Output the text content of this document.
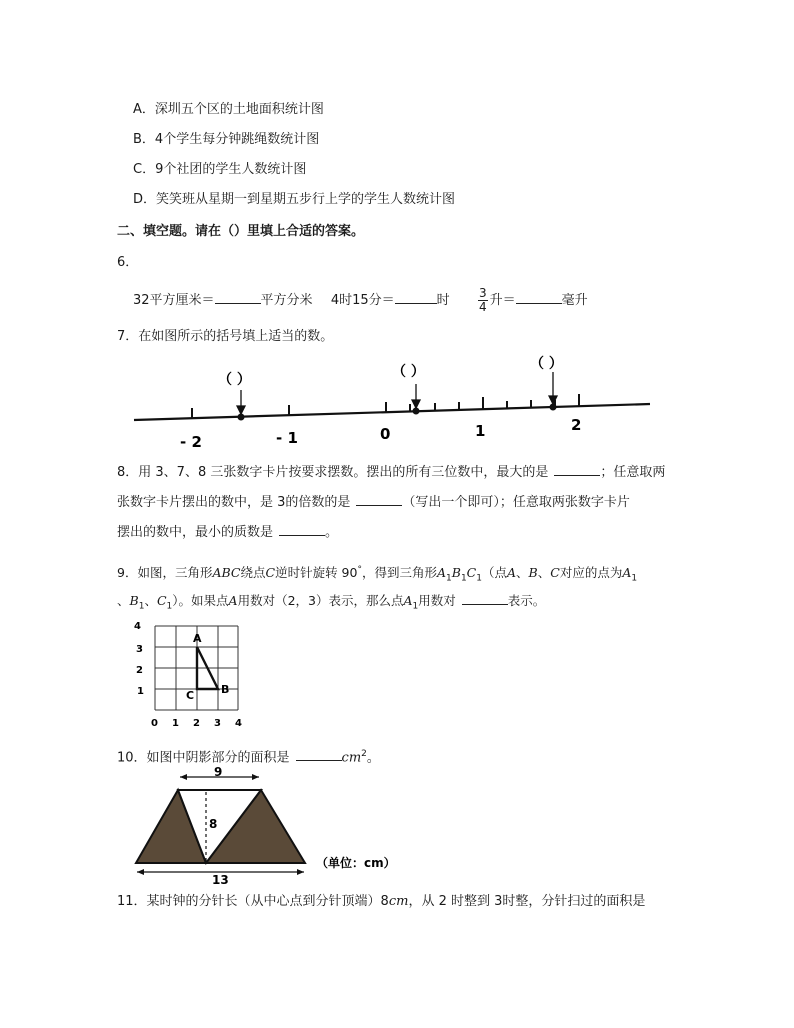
A．深圳五个区的土地面积统计图
B．4个学生每分钟跳绳数统计图
C．9个社团的学生人数统计图
D．笑笑班从星期一到星期五步行上学的学生人数统计图
二、填空题。请在（）里填上合适的答案。
6．
32平方厘米＝	平方分米 4时15分＝	时 $\frac{3}{4}$ 升＝	毫升
7．在如图所示的括号填上适当的数。
（ ）	（ ）	（ ）
- 2	- 1	0	1	2
8．用 3、7、8 三张数字卡片按要求摆数。摆出的所有三位数中，最大的是	；任意取两
张数字卡片摆出的数中，是 3的倍数的是	（写出一个即可）；任意取两张数字卡片
摆出的数中，最小的质数是	。
9．如图，三角形ABC绕点C逆时针旋转 90°，得到三角形$A_1B_1C_1$（点A、B、C对应的点为$A_1$
、$B_1$、$C_1$）。如果点A用数对（2，3）表示，那么点$A_1$用数对	表示。
4
3
2
1
0 1 2 3 4
A
B
C
10．如图中阴影部分的面积是	$cm^2$。
9
8
13
（单位：cm）
11．某时钟的分针长（从中心点到分针顶端）8cm，从 2 时整到 3时整，分针扫过的面积是
